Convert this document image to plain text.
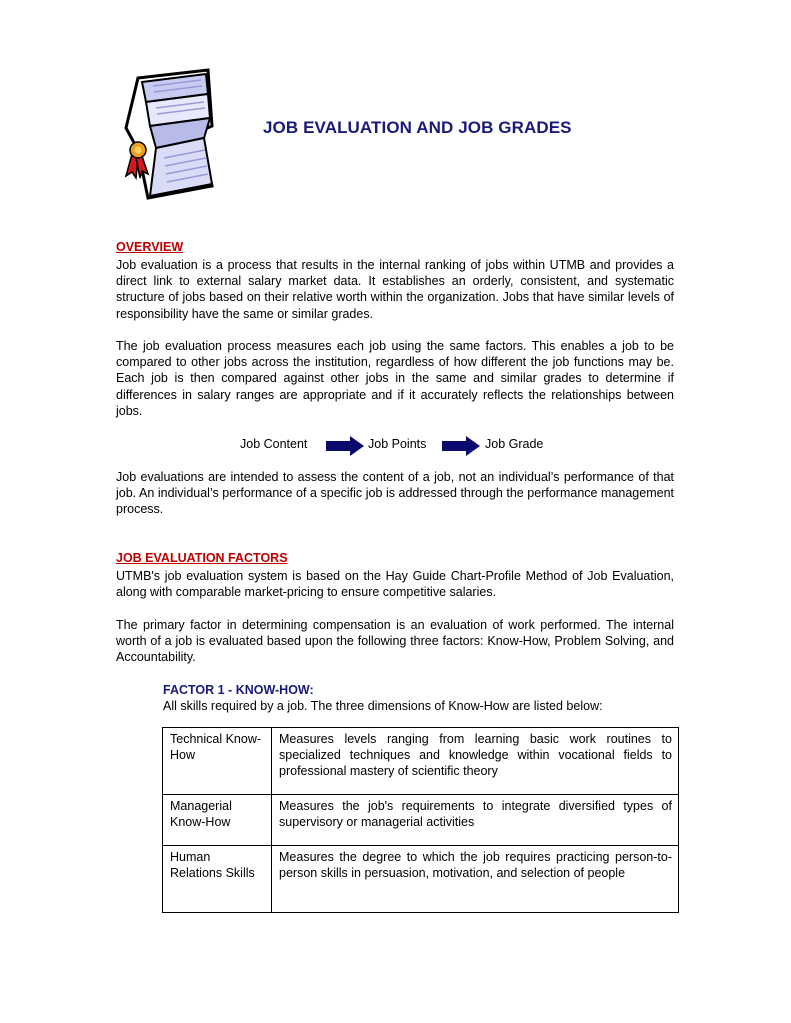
JOB EVALUATION AND JOB GRADES
OVERVIEW

Job evaluation is a process that results in the internal ranking of jobs within UTMB and provides a direct link to external salary market data. It establishes an orderly, consistent, and systematic structure of jobs based on their relative worth within the organization. Jobs that have similar levels of responsibility have the same or similar grades.

The job evaluation process measures each job using the same factors. This enables a job to be compared to other jobs across the institution, regardless of how different the job functions may be. Each job is then compared against other jobs in the same and similar grades to determine if differences in salary ranges are appropriate and if it accurately reflects the relationships between jobs.

Job Content	Job Points	Job Grade

Job evaluations are intended to assess the content of a job, not an individual’s performance of that job. An individual’s performance of a specific job is addressed through the performance management process.

JOB EVALUATION FACTORS

UTMB's job evaluation system is based on the Hay Guide Chart-Profile Method of Job Evaluation, along with comparable market-pricing to ensure competitive salaries.

The primary factor in determining compensation is an evaluation of work performed. The internal worth of a job is evaluated based upon the following three factors: Know-How, Problem Solving, and Accountability.

FACTOR 1 - KNOW-HOW:

All skills required by a job. The three dimensions of Know-How are listed below:

Technical Know-How	Measures levels ranging from learning basic work routines to specialized techniques and knowledge within vocational fields to professional mastery of scientific theory
Managerial Know-How	Measures the job's requirements to integrate diversified types of supervisory or managerial activities
Human Relations Skills	Measures the degree to which the job requires practicing person-to-person skills in persuasion, motivation, and selection of people
